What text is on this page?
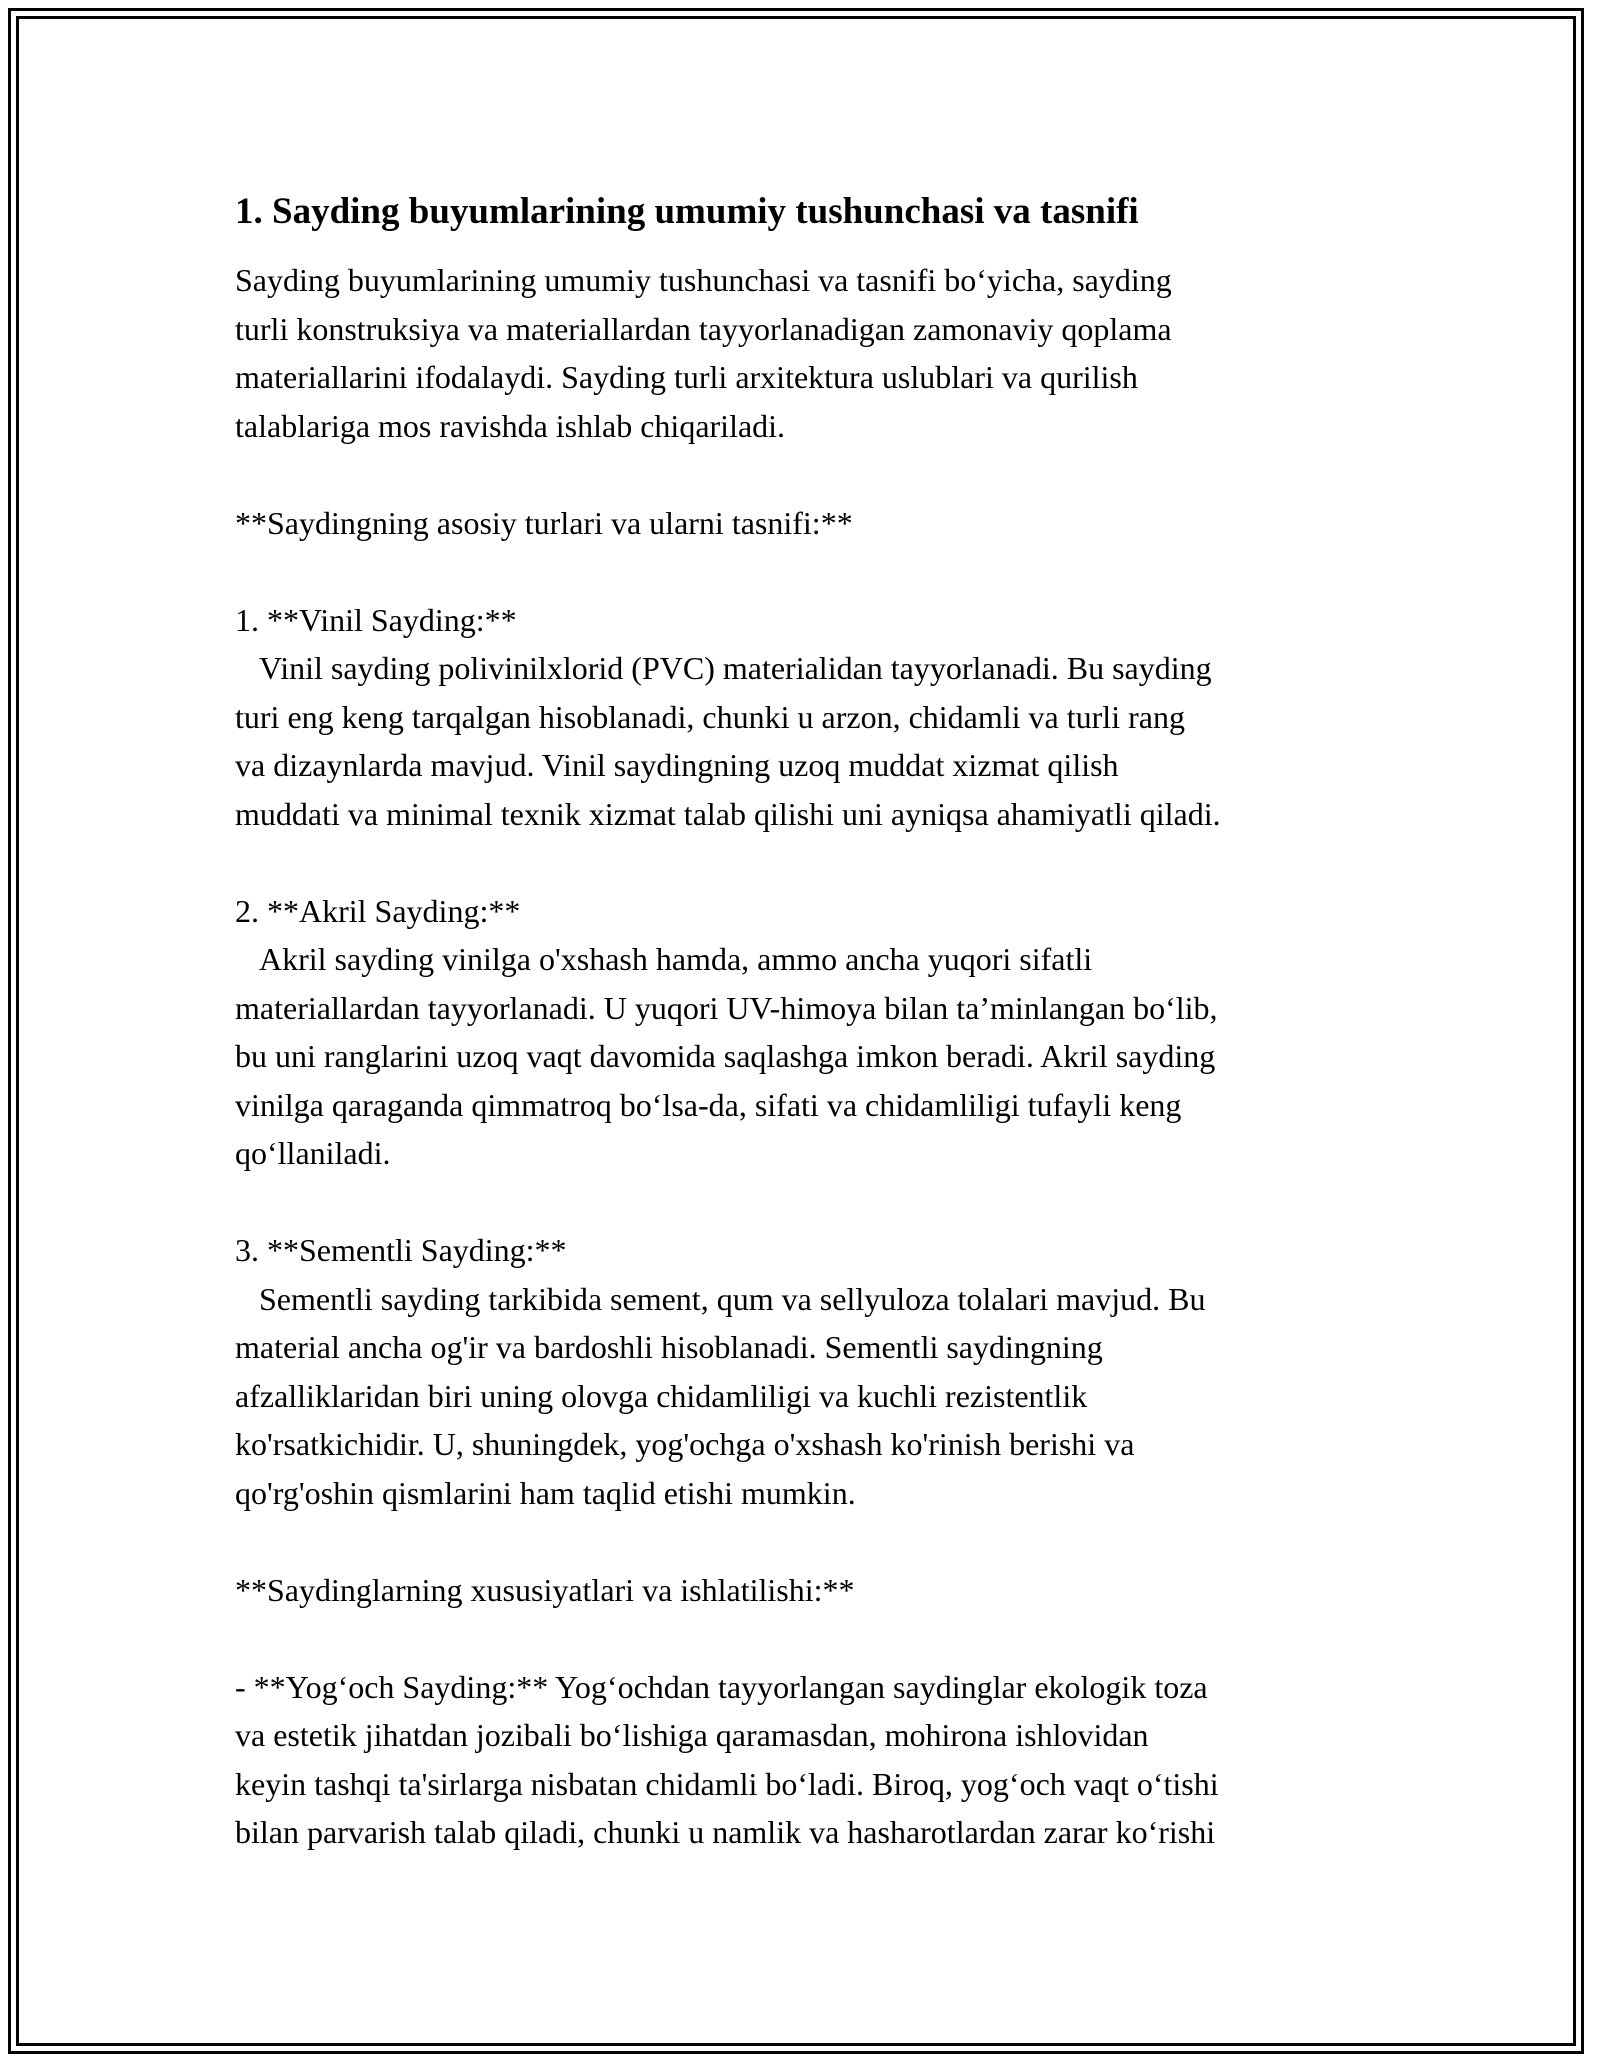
1. Sayding buyumlarining umumiy tushunchasi va tasnifi

Sayding buyumlarining umumiy tushunchasi va tasnifi bo‘yicha, sayding
turli konstruksiya va materiallardan tayyorlanadigan zamonaviy qoplama
materiallarini ifodalaydi. Sayding turli arxitektura uslublari va qurilish
talablariga mos ravishda ishlab chiqariladi.

**Saydingning asosiy turlari va ularni tasnifi:**

1. **Vinil Sayding:**
Vinil sayding polivinilxlorid (PVC) materialidan tayyorlanadi. Bu sayding
turi eng keng tarqalgan hisoblanadi, chunki u arzon, chidamli va turli rang
va dizaynlarda mavjud. Vinil saydingning uzoq muddat xizmat qilish
muddati va minimal texnik xizmat talab qilishi uni ayniqsa ahamiyatli qiladi.

2. **Akril Sayding:**
Akril sayding vinilga o'xshash hamda, ammo ancha yuqori sifatli
materiallardan tayyorlanadi. U yuqori UV-himoya bilan ta’minlangan bo‘lib,
bu uni ranglarini uzoq vaqt davomida saqlashga imkon beradi. Akril sayding
vinilga qaraganda qimmatroq bo‘lsa-da, sifati va chidamliligi tufayli keng
qo‘llaniladi.

3. **Sementli Sayding:**
Sementli sayding tarkibida sement, qum va sellyuloza tolalari mavjud. Bu
material ancha og'ir va bardoshli hisoblanadi. Sementli saydingning
afzalliklaridan biri uning olovga chidamliligi va kuchli rezistentlik
ko'rsatkichidir. U, shuningdek, yog'ochga o'xshash ko'rinish berishi va
qo'rg'oshin qismlarini ham taqlid etishi mumkin.

**Saydinglarning xususiyatlari va ishlatilishi:**

- **Yog‘och Sayding:** Yog‘ochdan tayyorlangan saydinglar ekologik toza
va estetik jihatdan jozibali bo‘lishiga qaramasdan, mohirona ishlovidan
keyin tashqi ta'sirlarga nisbatan chidamli bo‘ladi. Biroq, yog‘och vaqt o‘tishi
bilan parvarish talab qiladi, chunki u namlik va hasharotlardan zarar ko‘rishi
